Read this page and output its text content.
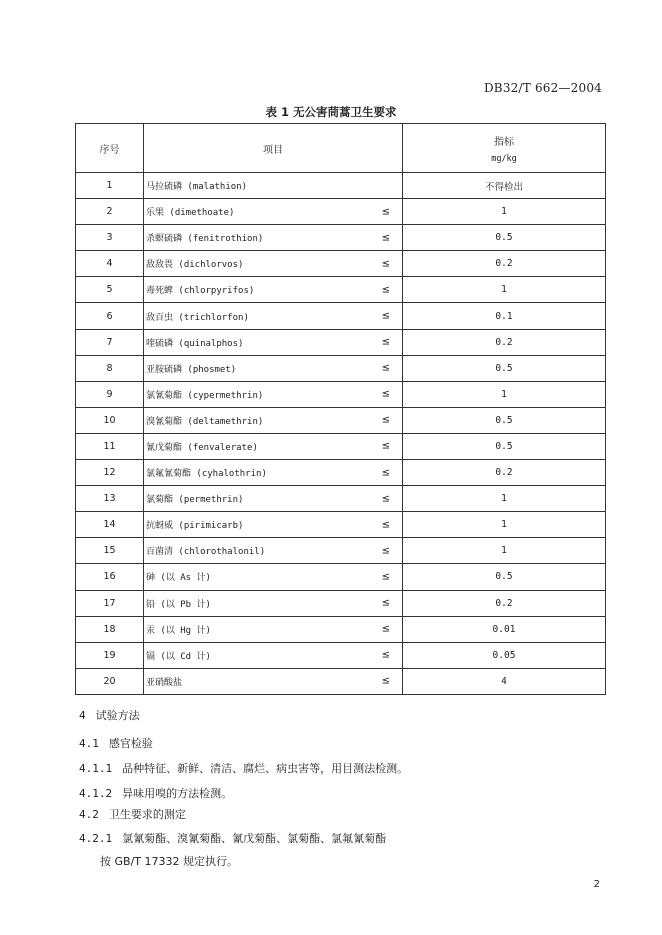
DB32/T 662—2004
表 1 无公害茼蒿卫生要求
序号	项目	指标
mg/kg

1	马拉硫磷 (malathion)	不得检出
2	乐果 (dimethoate) ≤	1
3	杀螟硫磷 (fenitrothion) ≤	0.5
4	敌敌畏 (dichlorvos) ≤	0.2
5	毒死蜱 (chlorpyrifos) ≤	1
6	敌百虫 (trichlorfon) ≤	0.1
7	喹硫磷 (quinalphos) ≤	0.2
8	亚胺硫磷 (phosmet) ≤	0.5
9	氯氰菊酯 (cypermethrin) ≤	1
10	溴氰菊酯 (deltamethrin) ≤	0.5
11	氰戊菊酯 (fenvalerate) ≤	0.5
12	氯氟氰菊酯 (cyhalothrin) ≤	0.2
13	氯菊酯 (permethrin) ≤	1
14	抗蚜威 (pirimicarb) ≤	1
15	百菌清 (chlorothalonil) ≤	1
16	砷 (以 As 计) ≤	0.5
17	铅 (以 Pb 计) ≤	0.2
18	汞 (以 Hg 计) ≤	0.01
19	镉 (以 Cd 计) ≤	0.05
20	亚硝酸盐 ≤	4
4 试验方法
4.1 感官检验
4.1.1 品种特征、新鲜、清洁、腐烂、病虫害等，用目测法检测。
4.1.2 异味用嗅的方法检测。
4.2 卫生要求的测定
4.2.1 氯氰菊酯、溴氰菊酯、氰戊菊酯、氯菊酯、氯氟氰菊酯
按 GB/T 17332 规定执行。
2
